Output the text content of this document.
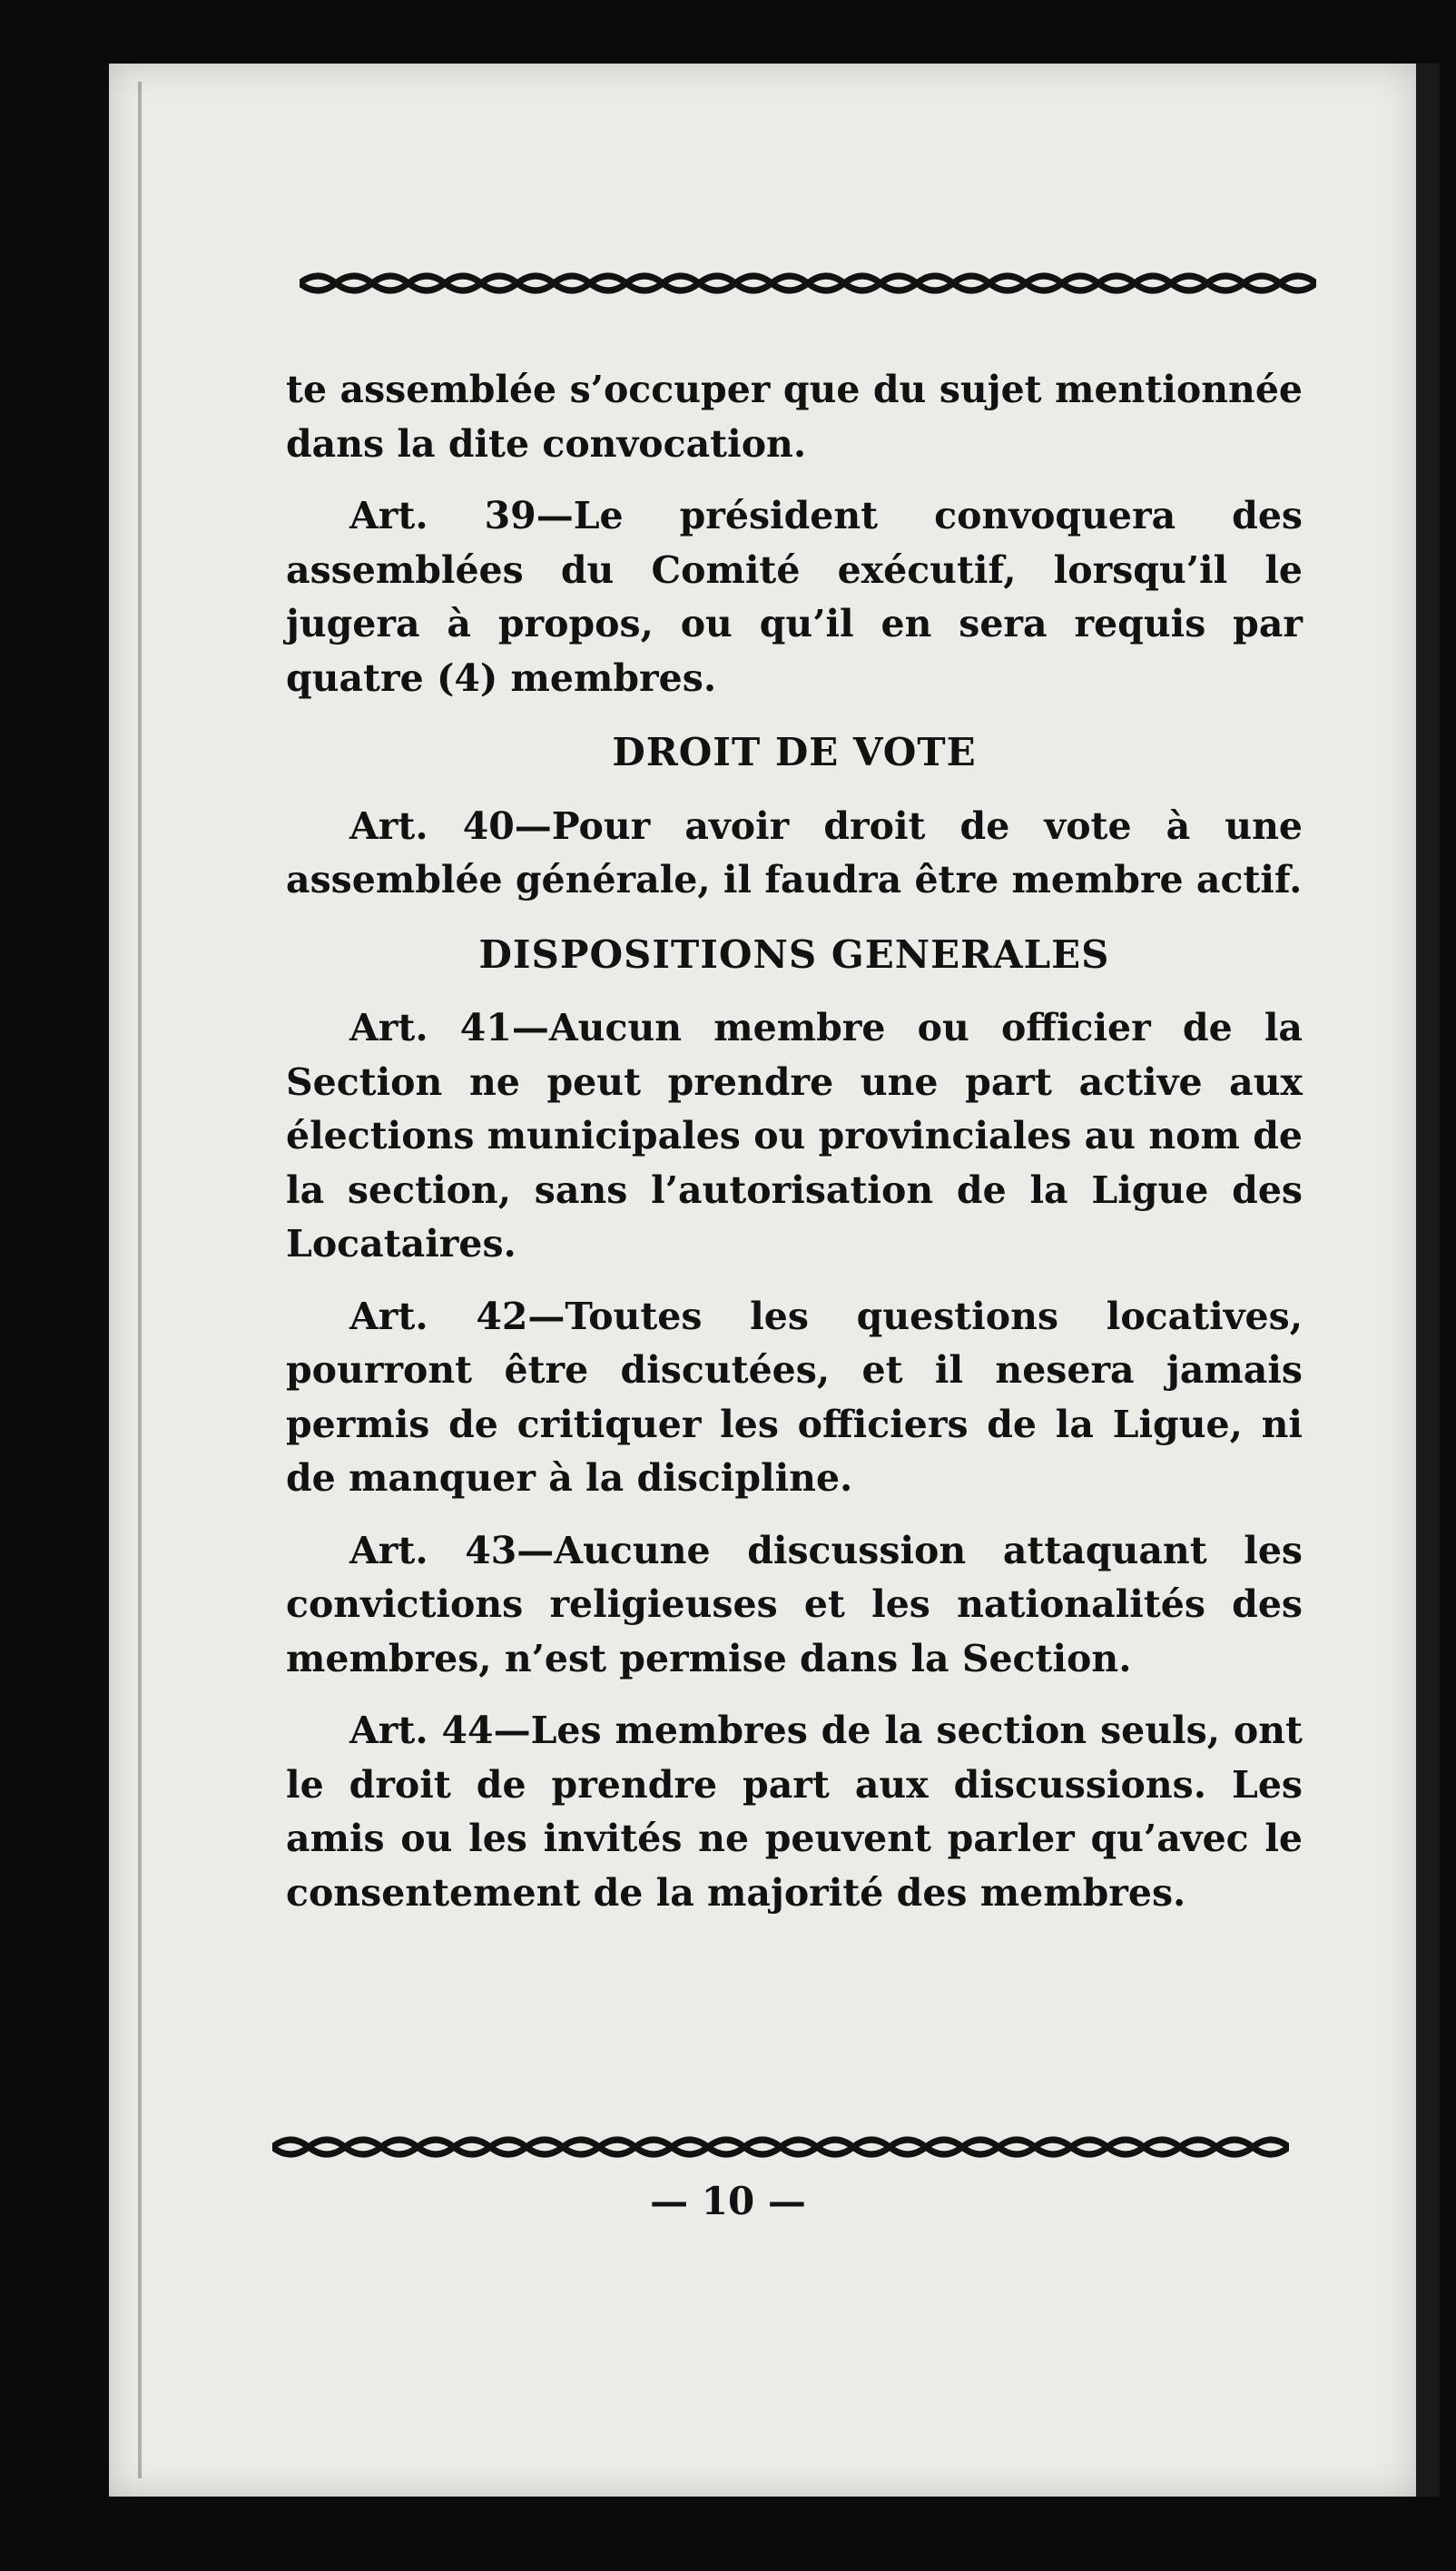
te assemblée s’occuper que du sujet mentionnée dans la dite convocation.

Art. 39—Le président convoquera des assemblées du Comité exécutif, lorsqu’il le jugera à propos, ou qu’il en sera requis par quatre (4) membres.

DROIT DE VOTE

Art. 40—Pour avoir droit de vote à une assemblée générale, il faudra être membre actif.

DISPOSITIONS GENERALES

Art. 41—Aucun membre ou officier de la Section ne peut prendre une part active aux élections municipales ou provinciales au nom de la section, sans l’autorisation de la Ligue des Locataires.

Art. 42—Toutes les questions locatives, pourront être discutées, et il nesera jamais permis de critiquer les officiers de la Ligue, ni de manquer à la discipline.

Art. 43—Aucune discussion attaquant les convictions religieuses et les nationalités des membres, n’est permise dans la Section.

Art. 44—Les membres de la section seuls, ont le droit de prendre part aux discussions. Les amis ou les invités ne peuvent parler qu’avec le consentement de la majorité des membres.

— 10 —
